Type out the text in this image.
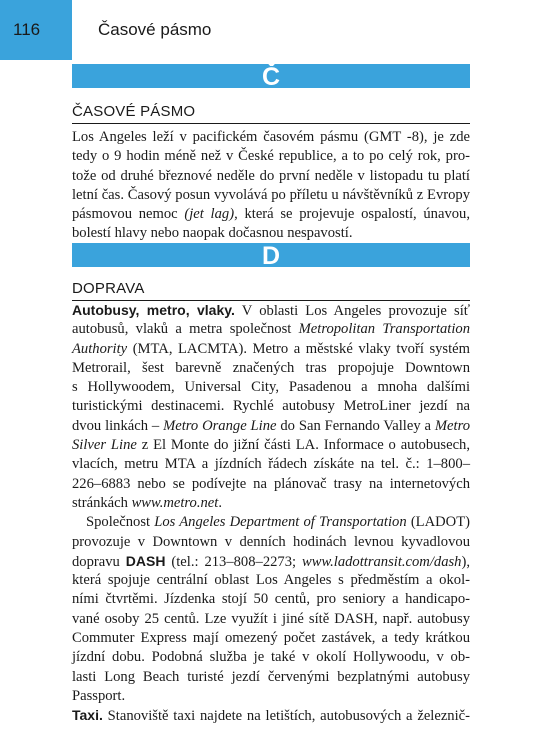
116	Časové pásmo
Č
ČASOVÉ PÁSMO
Los Angeles leží v pacifickém časovém pásmu (GMT -8), je zde
tedy o 9 hodin méně než v České republice, a to po celý rok, pro-
tože od druhé březnové neděle do první neděle v listopadu tu platí
letní čas. Časový posun vyvolává po příletu u návštěvníků z Evropy
pásmovou nemoc (jet lag), která se projevuje ospalostí, únavou,
bolestí hlavy nebo naopak dočasnou nespavostí.
D
DOPRAVA
Autobusy, metro, vlaky. V oblasti Los Angeles provozuje síť
autobusů, vlaků a metra společnost Metropolitan Transportation
Authority (MTA, LACMTA). Metro a městské vlaky tvoří systém
Metrorail, šest barevně značených tras propojuje Downtown
s Hollywoodem, Universal City, Pasadenou a mnoha dalšími
turistickými destinacemi. Rychlé autobusy MetroLiner jezdí na
dvou linkách – Metro Orange Line do San Fernando Valley a Metro
Silver Line z El Monte do jižní části LA. Informace o autobusech,
vlacích, metru MTA a jízdních řádech získáte na tel. č.: 1–800–
226–6883 nebo se podívejte na plánovač trasy na internetových
stránkách www.metro.net.
Společnost Los Angeles Department of Transportation (LADOT)
provozuje v Downtown v denních hodinách levnou kyvadlovou
dopravu DASH (tel.: 213–808–2273; www.ladottransit.com/dash),
která spojuje centrální oblast Los Angeles s předměstím a okol-
ními čtvrtěmi. Jízdenka stojí 50 centů, pro seniory a handicapo-
vané osoby 25 centů. Lze využít i jiné sítě DASH, např. autobusy
Commuter Express mají omezený počet zastávek, a tedy krátkou
jízdní dobu. Podobná služba je také v okolí Hollywoodu, v ob-
lasti Long Beach turisté jezdí červenými bezplatnými autobusy
Passport.
Taxi. Stanoviště taxi najdete na letištích, autobusových a železnič-
